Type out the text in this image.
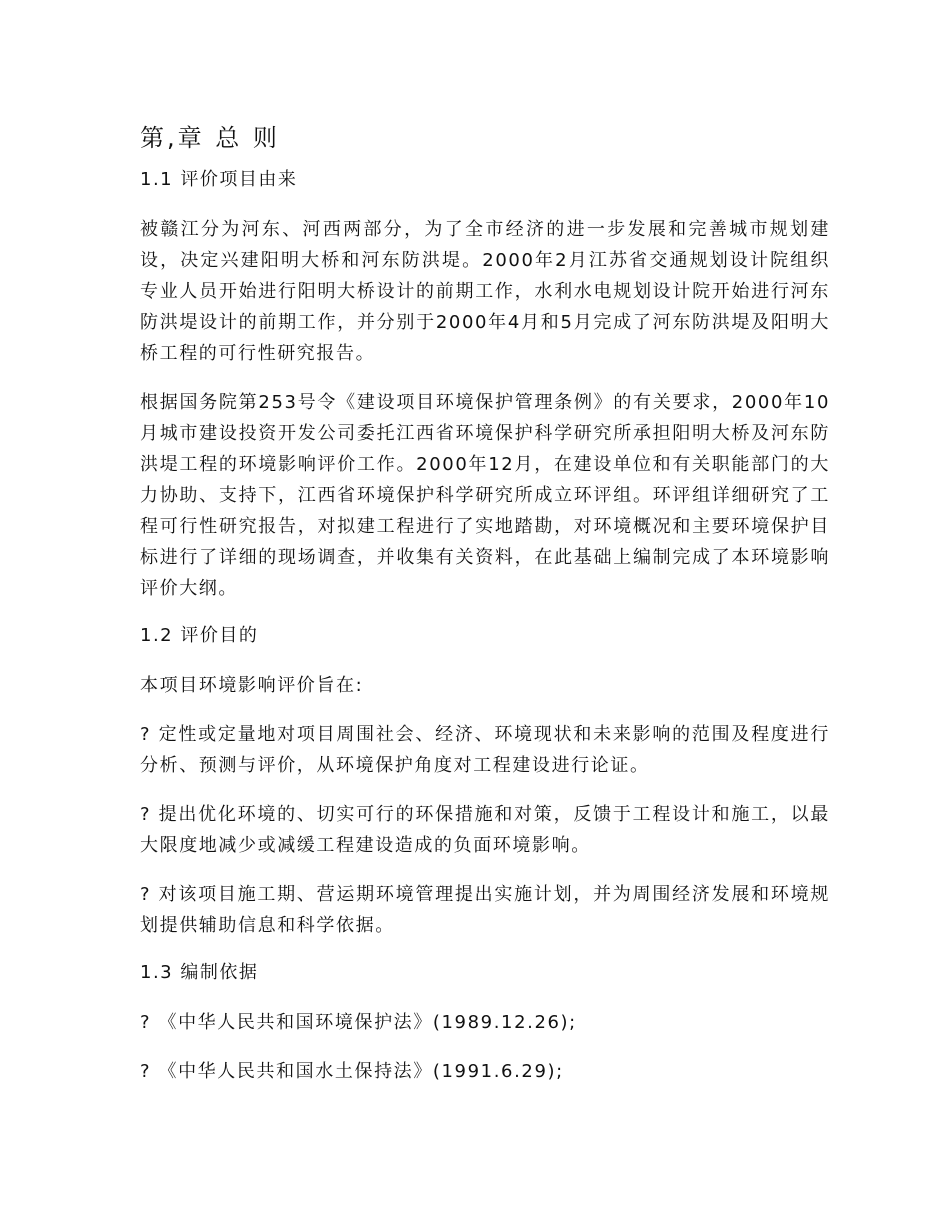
第,章 总 则
1.1 评价项目由来

被赣江分为河东、河西两部分，为了全市经济的进一步发展和完善城市规划建设，决定兴建阳明大桥和河东防洪堤。2000年2月江苏省交通规划设计院组织专业人员开始进行阳明大桥设计的前期工作，水利水电规划设计院开始进行河东防洪堤设计的前期工作，并分别于2000年4月和5月完成了河东防洪堤及阳明大桥工程的可行性研究报告。

根据国务院第253号令《建设项目环境保护管理条例》的有关要求，2000年10月城市建设投资开发公司委托江西省环境保护科学研究所承担阳明大桥及河东防洪堤工程的环境影响评价工作。2000年12月，在建设单位和有关职能部门的大力协助、支持下，江西省环境保护科学研究所成立环评组。环评组详细研究了工程可行性研究报告，对拟建工程进行了实地踏勘，对环境概况和主要环境保护目标进行了详细的现场调查，并收集有关资料，在此基础上编制完成了本环境影响评价大纲。

1.2 评价目的

本项目环境影响评价旨在:

? 定性或定量地对项目周围社会、经济、环境现状和未来影响的范围及程度进行分析、预测与评价，从环境保护角度对工程建设进行论证。

? 提出优化环境的、切实可行的环保措施和对策，反馈于工程设计和施工，以最大限度地减少或减缓工程建设造成的负面环境影响。

? 对该项目施工期、营运期环境管理提出实施计划，并为周围经济发展和环境规划提供辅助信息和科学依据。

1.3 编制依据

? 《中华人民共和国环境保护法》(1989.12.26);

? 《中华人民共和国水土保持法》(1991.6.29);
